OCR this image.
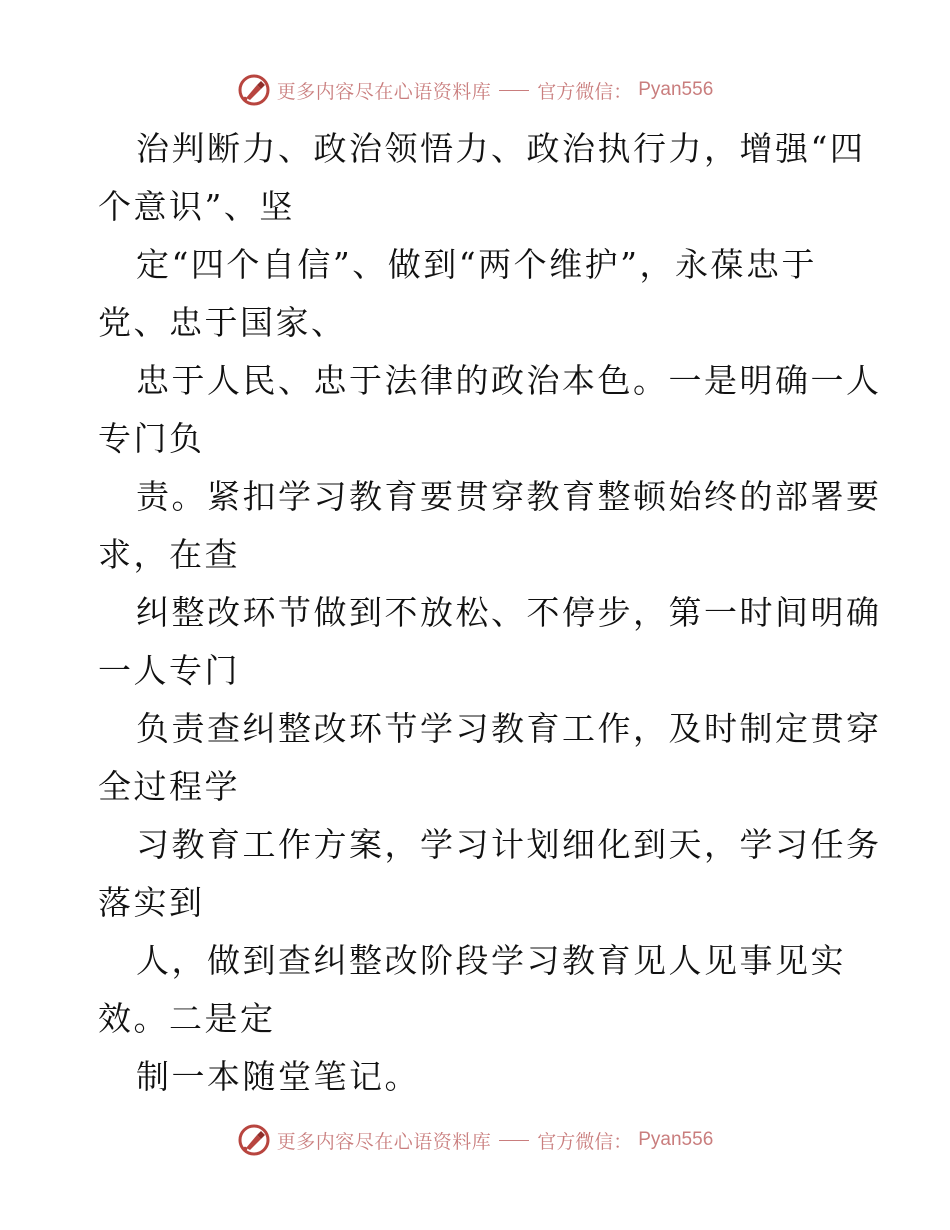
更多内容尽在心语资料库 官方微信： Pyan556
治判断力、政治领悟力、政治执行力，增强“四
个意识”、坚
定“四个自信”、做到“两个维护”，永葆忠于
党、忠于国家、
忠于人民、忠于法律的政治本色。一是明确一人
专门负
责。紧扣学习教育要贯穿教育整顿始终的部署要
求，在查
纠整改环节做到不放松、不停步，第一时间明确
一人专门
负责查纠整改环节学习教育工作，及时制定贯穿
全过程学
习教育工作方案，学习计划细化到天，学习任务
落实到
人，做到查纠整改阶段学习教育见人见事见实
效。二是定
制一本随堂笔记。
更多内容尽在心语资料库 官方微信： Pyan556
